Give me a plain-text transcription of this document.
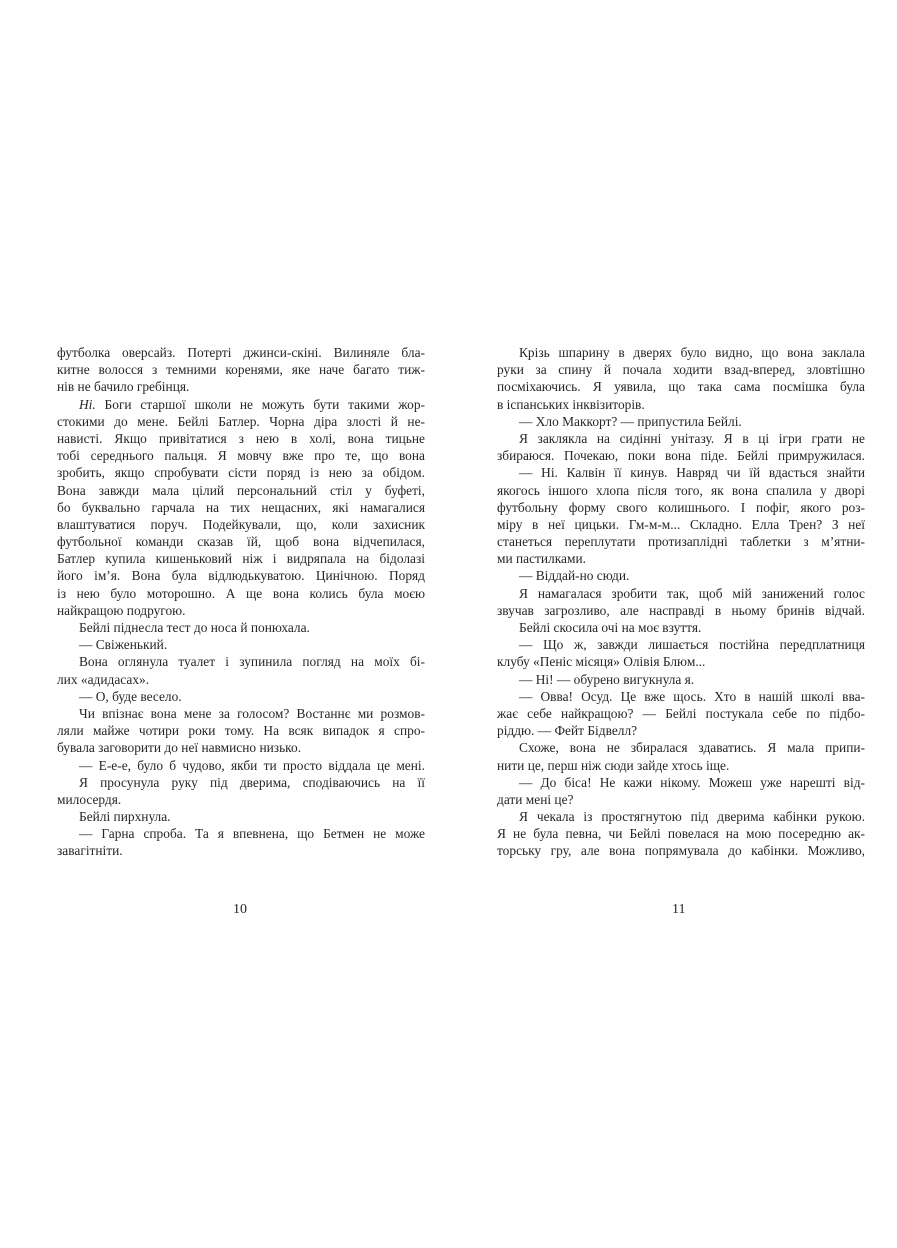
футболка оверсайз. Потерті джинси-скіні. Вилиняле бла-
китне волосся з темними коренями, яке наче багато тиж-
нів не бачило гребінця.
Ні. Боги старшої школи не можуть бути такими жор-
стокими до мене. Бейлі Батлер. Чорна діра злості й не-
нависті. Якщо привітатися з нею в холі, вона тицьне
тобі середнього пальця. Я мовчу вже про те, що вона
зробить, якщо спробувати сісти поряд із нею за обідом.
Вона завжди мала цілий персональний стіл у буфеті,
бо буквально гарчала на тих нещасних, які намагалися
влаштуватися поруч. Подейкували, що, коли захисник
футбольної команди сказав їй, щоб вона відчепилася,
Батлер купила кишеньковий ніж і видряпала на бідолазі
його ім’я. Вона була відлюдькуватою. Цинічною. Поряд
із нею було моторошно. А ще вона колись була моєю
найкращою подругою.
Бейлі піднесла тест до носа й понюхала.
— Свіженький.
Вона оглянула туалет і зупинила погляд на моїх бі-
лих «адидасах».
— О, буде весело.
Чи впізнає вона мене за голосом? Востаннє ми розмов-
ляли майже чотири роки тому. На всяк випадок я спро-
бувала заговорити до неї навмисно низько.
— Е-е-е, було б чудово, якби ти просто віддала це мені.
Я просунула руку під дверима, сподіваючись на її
милосердя.
Бейлі пирхнула.
— Гарна спроба. Та я впевнена, що Бетмен не може
завагітніти.
Крізь шпарину в дверях було видно, що вона заклала
руки за спину й почала ходити взад-вперед, зловтішно
посміхаючись. Я уявила, що така сама посмішка була
в іспанських інквізиторів.
— Хло Маккорт? — припустила Бейлі.
Я заклякла на сидінні унітазу. Я в ці ігри грати не
збираюся. Почекаю, поки вона піде. Бейлі примружилася.
— Ні. Калвін її кинув. Навряд чи їй вдасться знайти
якогось іншого хлопа після того, як вона спалила у дворі
футбольну форму свого колишнього. І пофіг, якого роз-
міру в неї цицьки. Гм-м-м... Складно. Елла Трен? З неї
станеться переплутати протизаплідні таблетки з м’ятни-
ми пастилками.
— Віддай-но сюди.
Я намагалася зробити так, щоб мій занижений голос
звучав загрозливо, але насправді в ньому бринів відчай.
Бейлі скосила очі на моє взуття.
— Що ж, завжди лишається постійна передплатниця
клубу «Пеніс місяця» Олівія Блюм...
— Ні! — обурено вигукнула я.
— Овва! Осуд. Це вже щось. Хто в нашій школі вва-
жає себе найкращою? — Бейлі постукала себе по підбо-
ріддю. — Фейт Бідвелл?
Схоже, вона не збиралася здаватись. Я мала припи-
нити це, перш ніж сюди зайде хтось іще.
— До біса! Не кажи нікому. Можеш уже нарешті від-
дати мені це?
Я чекала із простягнутою під дверима кабінки рукою.
Я не була певна, чи Бейлі повелася на мою посередню ак-
торську гру, але вона попрямувала до кабінки. Можливо,
10	11
